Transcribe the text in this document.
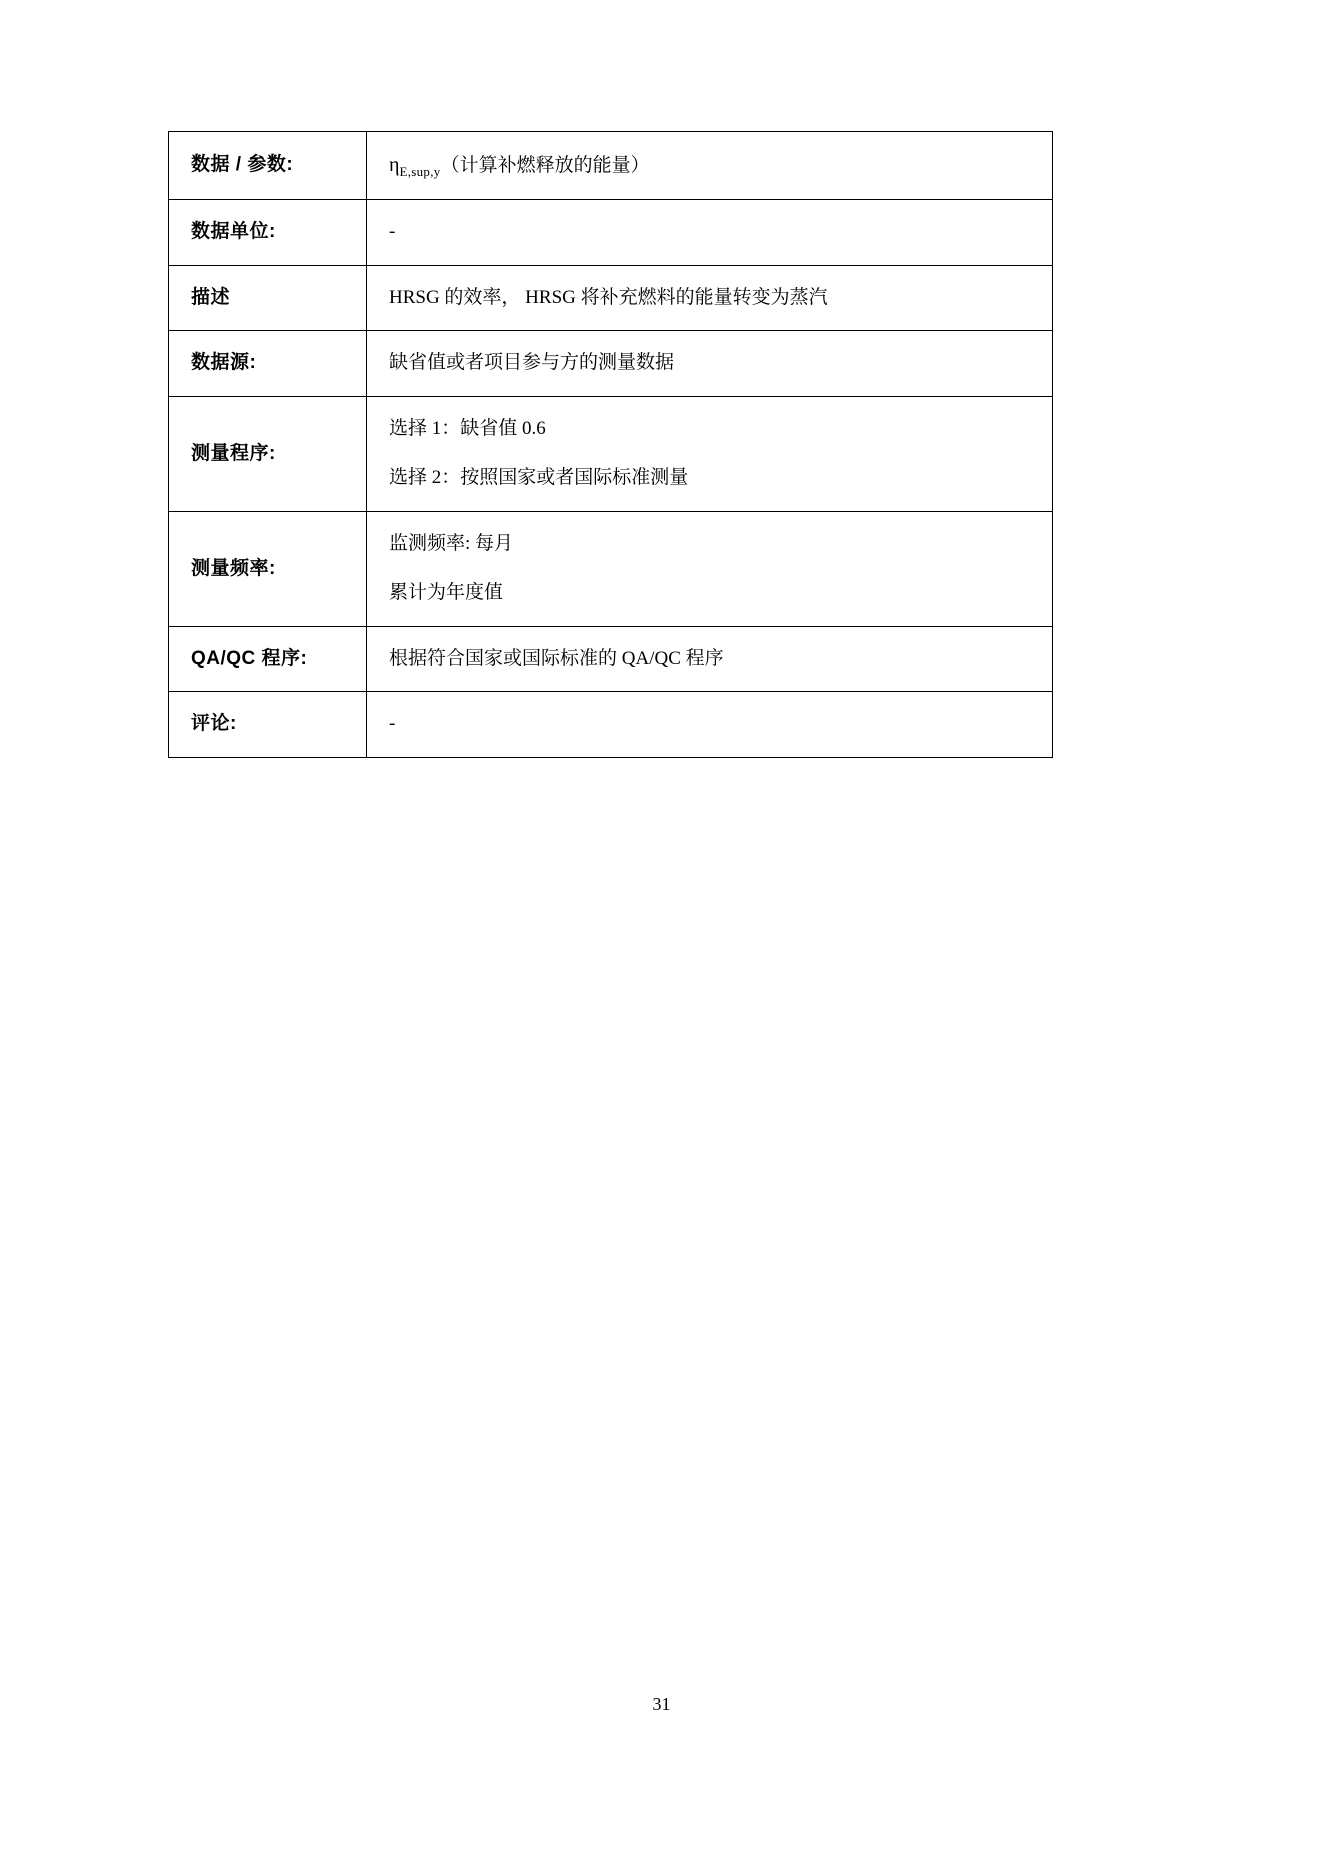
数据 / 参数:	$\eta_{E,sup,y}$（计算补燃释放的能量）

数据单位:	-

描述	HRSG 的效率， HRSG 将补充燃料的能量转变为蒸汽

数据源:	缺省值或者项目参与方的测量数据

测量程序:	选择 1：缺省值 0.6
选择 2：按照国家或者国际标准测量

测量频率:	监测频率: 每月
累计为年度值

QA/QC 程序:	根据符合国家或国际标准的 QA/QC 程序

评论:	-
31
